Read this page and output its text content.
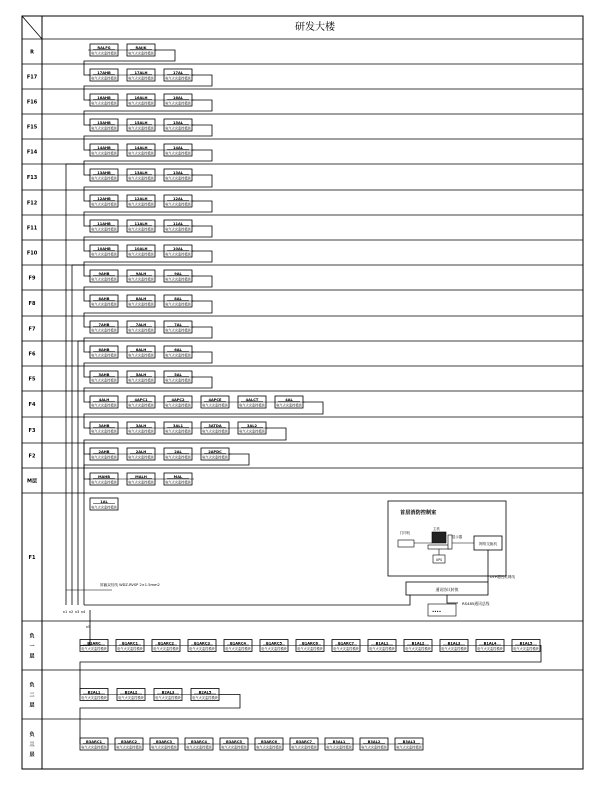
研发大楼
R
F17
F16
F15
F14
F13
F12
F11
F10
F9
F8
F7
F6
F5
F4
F3
F2
M层
F1
负
一
层
负
二
层
负
三
层
RALFG
电气火灾监控模块
RAIJK
电气火灾监控模块
17AHB
电气火灾监控模块
17ALH
电气火灾监控模块
17AL
电气火灾监控模块
16AHB
电气火灾监控模块
16ALH
电气火灾监控模块
16AL
电气火灾监控模块
15AHB
电气火灾监控模块
15ALH
电气火灾监控模块
15AL
电气火灾监控模块
14AHB
电气火灾监控模块
14ALH
电气火灾监控模块
14AL
电气火灾监控模块
13AHB
电气火灾监控模块
13ALH
电气火灾监控模块
13AL
电气火灾监控模块
12AHB
电气火灾监控模块
12ALH
电气火灾监控模块
12AL
电气火灾监控模块
11AHB
电气火灾监控模块
11ALH
电气火灾监控模块
11AL
电气火灾监控模块
10AHB
电气火灾监控模块
10ALH
电气火灾监控模块
10AL
电气火灾监控模块
9AHB
电气火灾监控模块
9ALH
电气火灾监控模块
9AL
电气火灾监控模块
8AHB
电气火灾监控模块
8ALH
电气火灾监控模块
8AL
电气火灾监控模块
7AHB
电气火灾监控模块
7ALH
电气火灾监控模块
7AL
电气火灾监控模块
6AHB
电气火灾监控模块
6ALH
电气火灾监控模块
6AL
电气火灾监控模块
5AHB
电气火灾监控模块
5ALH
电气火灾监控模块
5AL
电气火灾监控模块
4ALH
电气火灾监控模块
4APC1
电气火灾监控模块
4APC2
电气火灾监控模块
4APCE
电气火灾监控模块
4ALCT
电气火灾监控模块
4AL
电气火灾监控模块
3AHB
电气火灾监控模块
3ALH
电气火灾监控模块
3AL1
电气火灾监控模块
3ATDA
电气火灾监控模块
3AL2
电气火灾监控模块
2AHB
电气火灾监控模块
2ALH
电气火灾监控模块
2AL
电气火灾监控模块
2APDC
电气火灾监控模块
MAHB
电气火灾监控模块
MALH
电气火灾监控模块
MAL
电气火灾监控模块
1AL
电气火灾监控模块
B1ARC
电气火灾监控模块
B1ARC1
电气火灾监控模块
B1ARC2
电气火灾监控模块
B1ARC3
电气火灾监控模块
B1ARC4
电气火灾监控模块
B1ARC5
电气火灾监控模块
B1ARC6
电气火灾监控模块
B1ARC7
电气火灾监控模块
B1AL1
电气火灾监控模块
B1AL2
电气火灾监控模块
B1AL3
电气火灾监控模块
B1AL4
电气火灾监控模块
B1AL5
电气火灾监控模块
B2AL1
电气火灾监控模块
B2AL2
电气火灾监控模块
B2AL3
电气火灾监控模块
B2AL5
电气火灾监控模块
B3ARC1
电气火灾监控模块
B3ARC2
电气火灾监控模块
B3ARC3
电气火灾监控模块
B3ARC4
电气火灾监控模块
B3ARC5
电气火灾监控模块
B3ARC6
电气火灾监控模块
B3ARC7
电气火灾监控模块
B3AL1
电气火灾监控模块
B3AL2
电气火灾监控模块
B3AL3
电气火灾监控模块
首层消防控制室
打印机
主机
显示器
UPS
网络交换机
通讯协议转换
n1 n2 n3 n4
n5
屏蔽双绞线 WDZ-RVSP 2×1.5mm2
UTP超五类网线
....
RS485通讯总线
